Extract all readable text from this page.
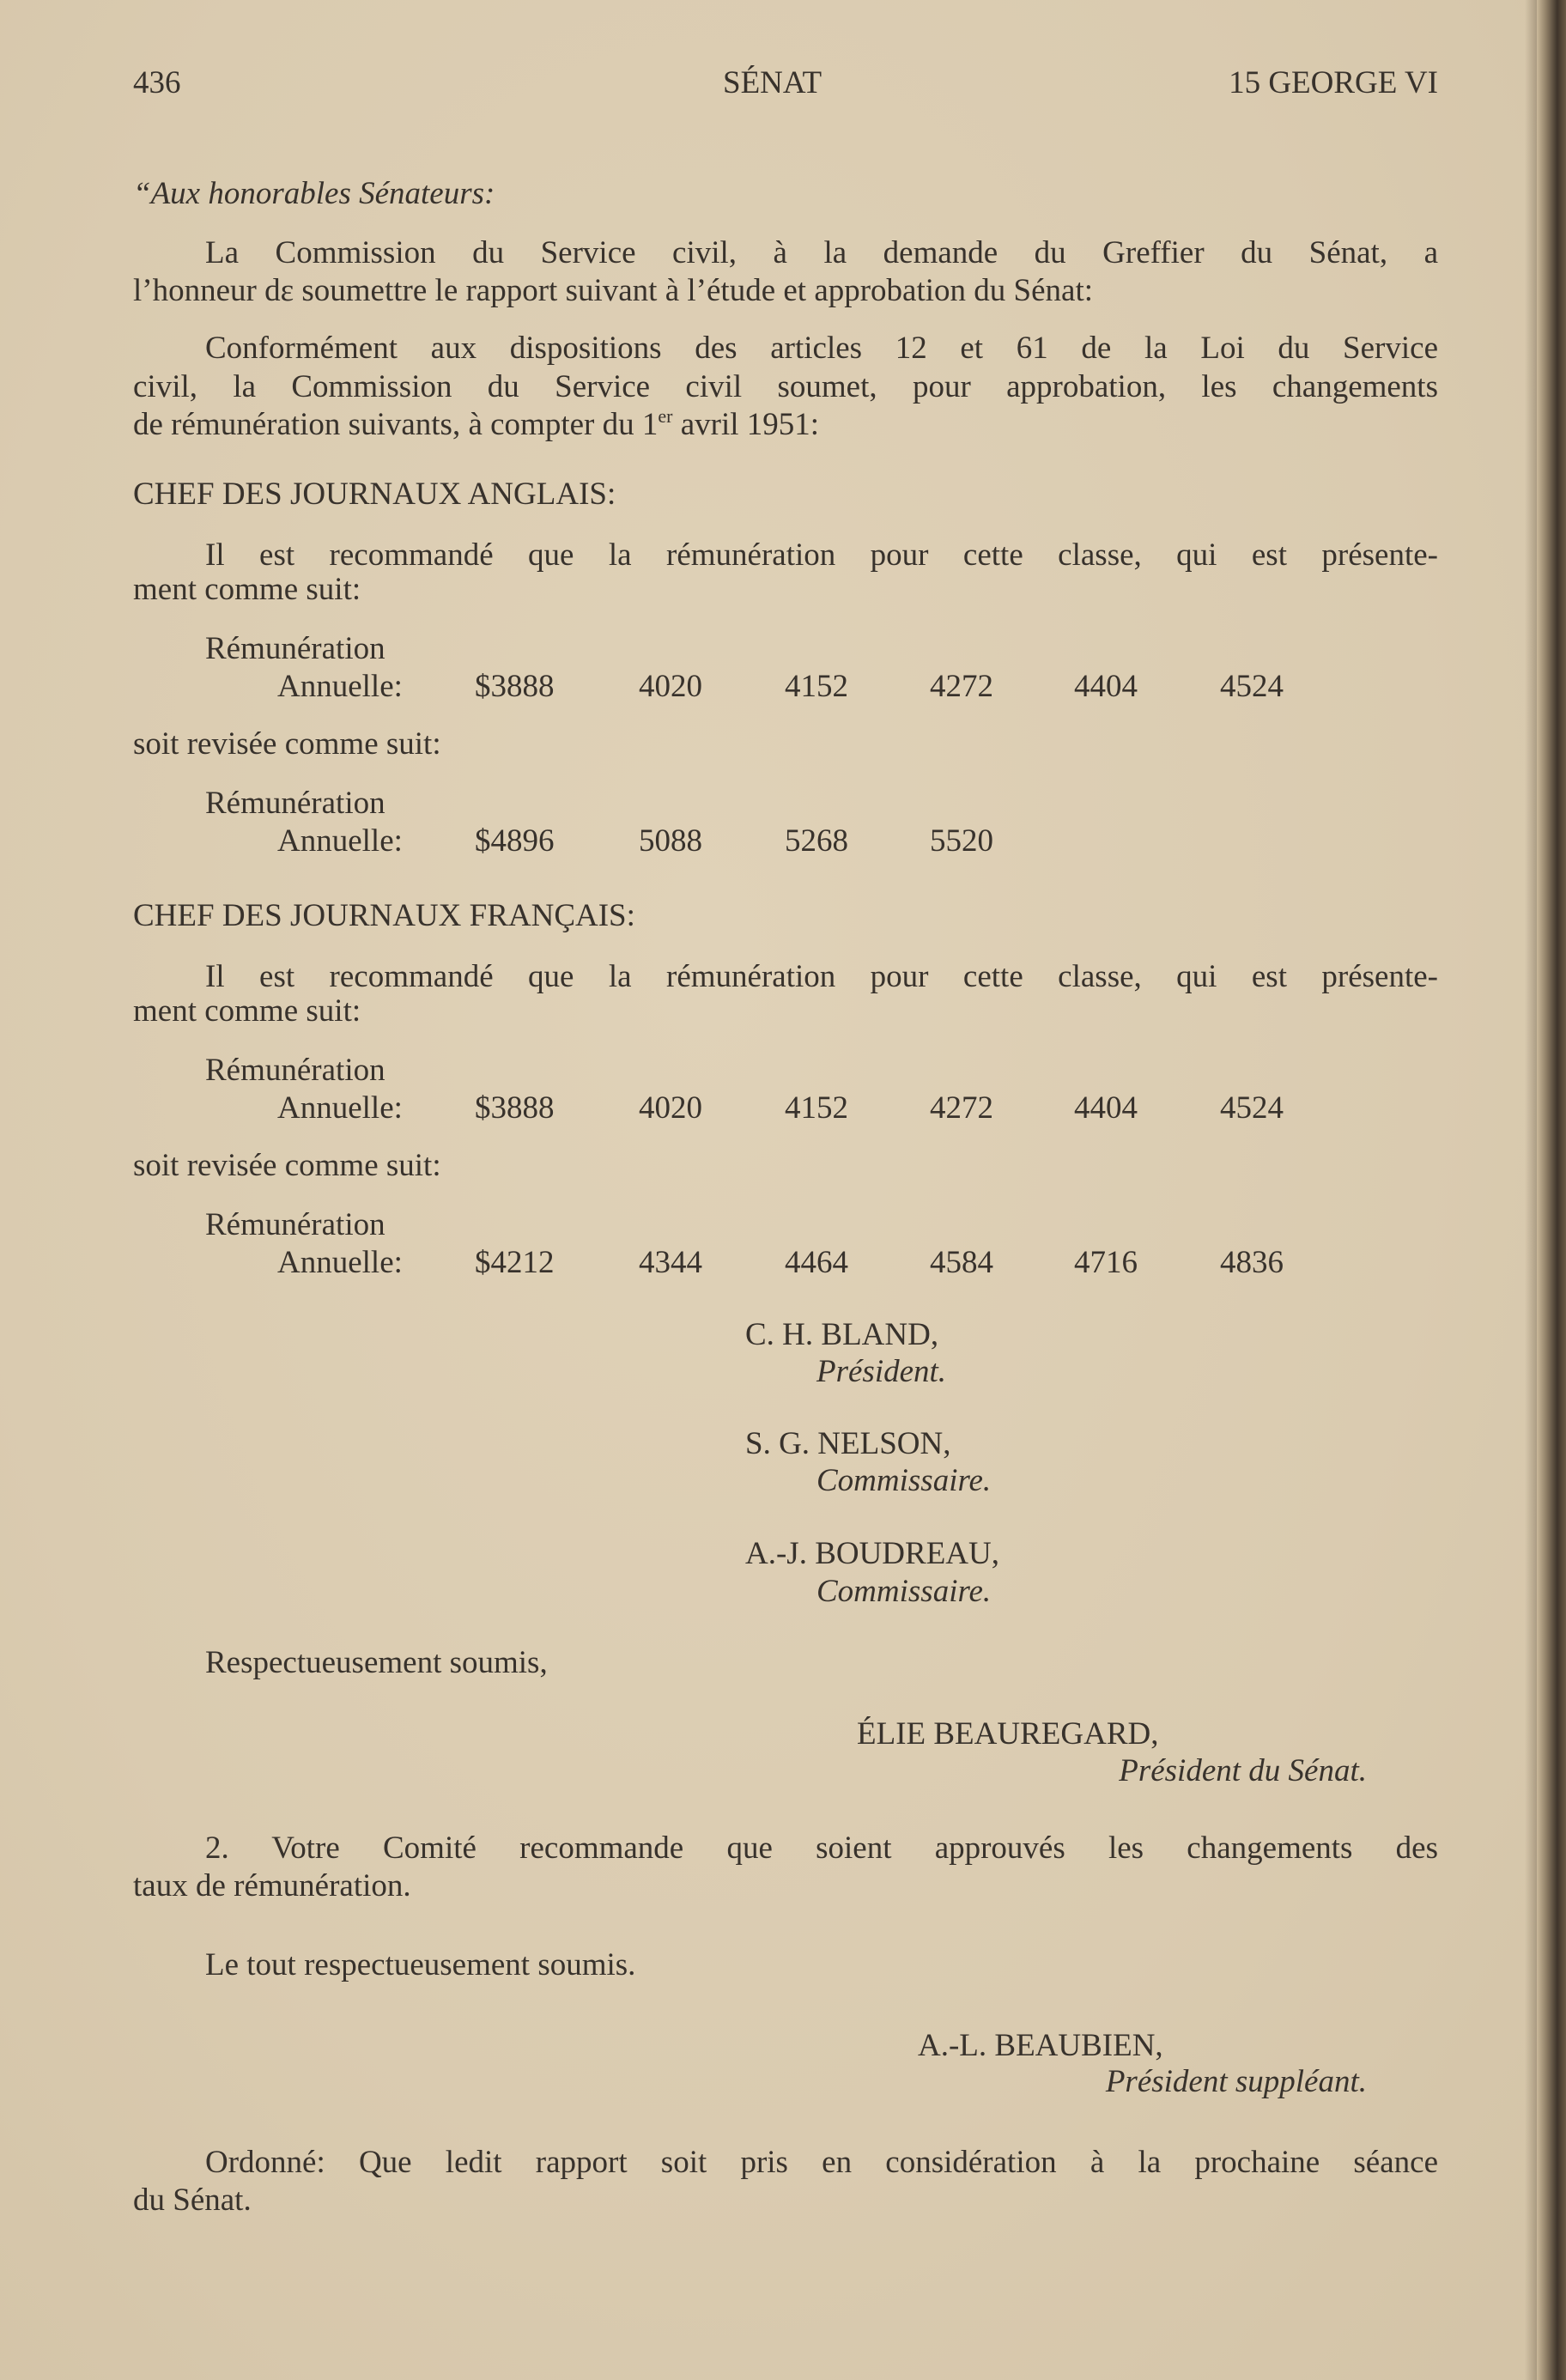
436	SÉNAT	15 GEORGE VI
“Aux honorables Sénateurs:
La Commission du Service civil, à la demande du Greffier du Sénat, a
l’honneur dε soumettre le rapport suivant à l’étude et approbation du Sénat:
Conformément aux dispositions des articles 12 et 61 de la Loi du Service
civil, la Commission du Service civil soumet, pour approbation, les changements
de rémunération suivants, à compter du 1er avril 1951:
CHEF DES JOURNAUX ANGLAIS:
Il est recommandé que la rémunération pour cette classe, qui est présente-
ment comme suit:
Rémunération
Annuelle: $3888	4020	4152	4272	4404	4524
soit revisée comme suit:
Rémunération
Annuelle: $4896	5088	5268	5520
CHEF DES JOURNAUX FRANÇAIS:
Il est recommandé que la rémunération pour cette classe, qui est présente-
ment comme suit:
Rémunération
Annuelle: $3888	4020	4152	4272	4404	4524
soit revisée comme suit:
Rémunération
Annuelle: $4212	4344	4464	4584	4716	4836
C. H. BLAND,
Président.
S. G. NELSON,
Commissaire.
A.-J. BOUDREAU,
Commissaire.
Respectueusement soumis,
ÉLIE BEAUREGARD,
Président du Sénat.
2. Votre Comité recommande que soient approuvés les changements des
taux de rémunération.
Le tout respectueusement soumis.
A.-L. BEAUBIEN,
Président suppléant.
Ordonné: Que ledit rapport soit pris en considération à la prochaine séance
du Sénat.
